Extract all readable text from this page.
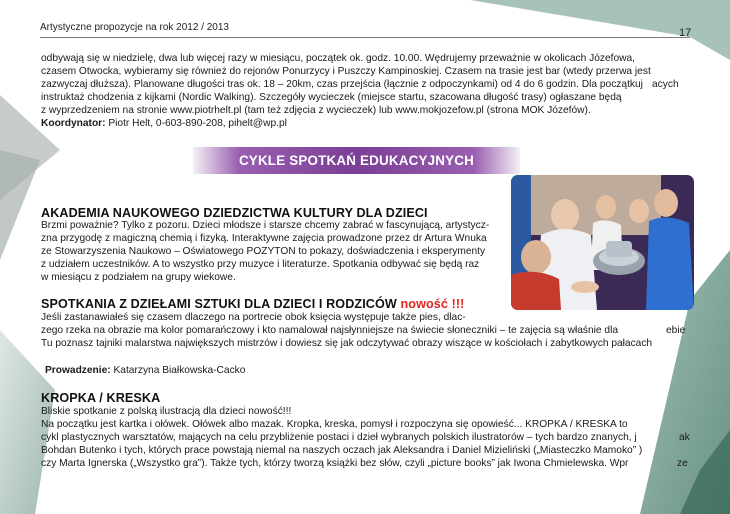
Artystyczne propozycje na rok 2012 / 2013	17
odbywają się w niedzielę, dwa lub więcej razy w miesiącu, początek ok. godz. 10.00. Wędrujemy przeważnie w okolicach Józefowa,
czasem Otwocka, wybieramy się również do rejonów Ponurzycy i Puszczy Kampinoskiej. Czasem na trasie jest bar (wtedy przerwa jest
zazwyczaj dłuższa). Planowane długości tras ok. 18 – 20km, czas przejścia (łącznie z odpoczynkami) od 4 do 6 godzin. Dla początkuj acych
instruktaż chodzenia z kijkami (Nordic Walking). Szczegóły wycieczek (miejsce startu, szacowana długość trasy) ogłaszane będą
z wyprzedzeniem na stronie www.piotrhelt.pl (tam też zdjęcia z wycieczek) lub www.mokjozefow.pl (strona MOK Józefów).
Koordynator: Piotr Helt, 0-603-890-208, pihelt@wp.pl
CYKLE SPOTKAŃ EDUKACYJNYCH
AKADEMIA NAUKOWEGO DZIEDZICTWA KULTURY DLA DZIECI
Brzmi poważnie? Tylko z pozoru. Dzieci młodsze i starsze chcemy zabrać w fascynującą, artystycz-
zna przygodę z magiczną chemią i fizyką. Interaktywne zajęcia prowadzone przez dr Artura Wnuka
ze Stowarzyszenia Naukowo – Oświatowego POZYTON to pokazy, doświadczenia i eksperymenty
z udziałem uczestników. A to wszystko przy muzyce i literaturze. Spotkania odbywać się będą raz
w miesiącu z podziałem na grupy wiekowe.
SPOTKANIA Z DZIEŁAMI SZTUKI DLA DZIECI I RODZICÓW nowość !!!
Jeśli zastanawiałeś się czasem dlaczego na portrecie obok księcia występuje także pies, dlac-
zego rzeka na obrazie ma kolor pomarańczowy i kto namalował najsłynniejsze na świecie słoneczniki – te zajęcia są właśnie dla	ebie
Tu poznasz tajniki malarstwa największych mistrzów i dowiesz się jak odczytywać obrazy wiszące w kościołach i zabytkowych pałacach
Prowadzenie: Katarzyna Białkowska-Cacko
KROPKA / KRESKA
Bliskie spotkanie z polską ilustracją dla dzieci nowość!!!
Na początku jest kartka i ołówek. Ołówek albo mazak. Kropka, kreska, pomysł i rozpoczyna się opowieść... KROPKA / KRESKA to
cykl plastycznych warsztatów, mających na celu przybliżenie postaci i dzieł wybranych polskich ilustratorów – tych bardzo znanych, j	ak
Bohdan Butenko i tych, których prace powstają niemal na naszych oczach jak Aleksandra i Daniel Mizieliński („Miasteczko Mamoko” )
czy Marta Ignerska („Wszystko gra”). Także tych, którzy tworzą książki bez słów, czyli „picture books” jak Iwona Chmielewska. Wpr	ze
